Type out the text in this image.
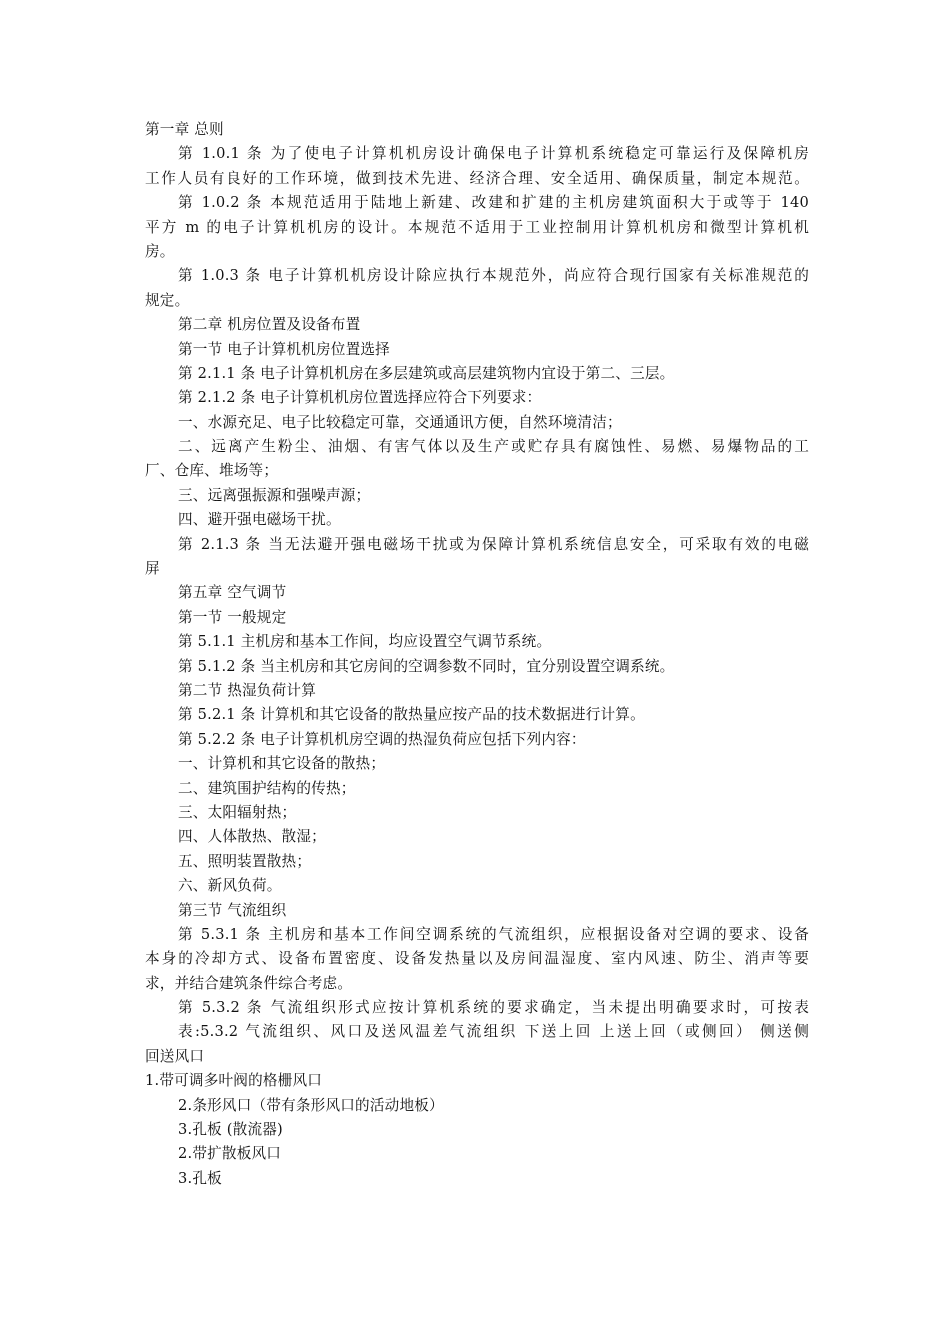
第一章 总则
第 1.0.1 条 为了使电子计算机机房设计确保电子计算机系统稳定可靠运行及保障机房
工作人员有良好的工作环境，做到技术先进、经济合理、安全适用、确保质量，制定本规范。
第 1.0.2 条 本规范适用于陆地上新建、改建和扩建的主机房建筑面积大于或等于 140
平方 m 的电子计算机机房的设计。本规范不适用于工业控制用计算机机房和微型计算机机
房。
第 1.0.3 条 电子计算机机房设计除应执行本规范外，尚应符合现行国家有关标准规范的
规定。
第二章 机房位置及设备布置
第一节 电子计算机机房位置选择
第 2.1.1 条 电子计算机机房在多层建筑或高层建筑物内宜设于第二、三层。
第 2.1.2 条 电子计算机机房位置选择应符合下列要求：
一、水源充足、电子比较稳定可靠，交通通讯方便，自然环境清洁；
二、远离产生粉尘、油烟、有害气体以及生产或贮存具有腐蚀性、易燃、易爆物品的工
厂、仓库、堆场等；
三、远离强振源和强噪声源；
四、避开强电磁场干扰。
第 2.1.3 条 当无法避开强电磁场干扰或为保障计算机系统信息安全，可采取有效的电磁
屏
第五章 空气调节
第一节 一般规定
第 5.1.1 主机房和基本工作间，均应设置空气调节系统。
第 5.1.2 条 当主机房和其它房间的空调参数不同时，宜分别设置空调系统。
第二节 热湿负荷计算
第 5.2.1 条 计算机和其它设备的散热量应按产品的技术数据进行计算。
第 5.2.2 条 电子计算机机房空调的热湿负荷应包括下列内容：
一、计算机和其它设备的散热；
二、建筑围护结构的传热；
三、太阳辐射热；
四、人体散热、散湿；
五、照明装置散热；
六、新风负荷。
第三节 气流组织
第 5.3.1 条 主机房和基本工作间空调系统的气流组织，应根据设备对空调的要求、设备
本身的冷却方式、设备布置密度、设备发热量以及房间温湿度、室内风速、防尘、消声等要
求，并结合建筑条件综合考虑。
第 5.3.2 条 气流组织形式应按计算机系统的要求确定，当未提出明确要求时，可按表
表:5.3.2 气流组织、风口及送风温差气流组织 下送上回 上送上回（或侧回） 侧送侧
回送风口
1.带可调多叶阀的格栅风口
2.条形风口（带有条形风口的活动地板）
3.孔板 (散流器)
2.带扩散板风口
3.孔板
